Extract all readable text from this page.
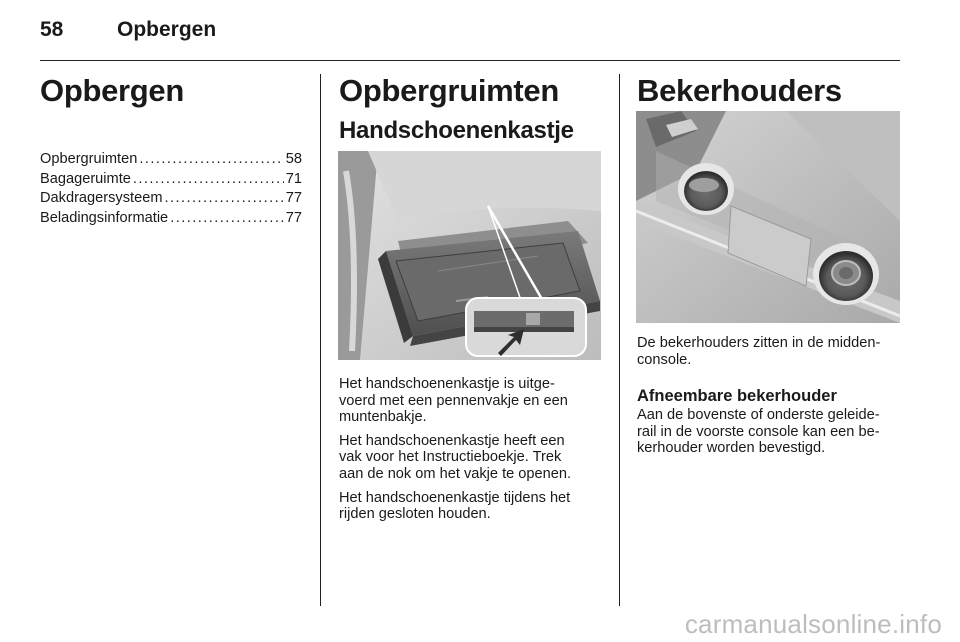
58	Opbergen
Opbergen
Opbergruimten . . .	58
Bagageruimte . . .	71
Dakdragersysteem . . .	77
Beladingsinformatie . . .	77
Opbergruimten
Handschoenenkastje

Het handschoenenkastje is uitge-
voerd met een pennenvakje en een
muntenbakje.

Het handschoenenkastje heeft een
vak voor het Instructieboekje. Trek
aan de nok om het vakje te openen.

Het handschoenenkastje tijdens het
rijden gesloten houden.

Bekerhouders

De bekerhouders zitten in de midden-
console.

Afneembare bekerhouder

Aan de bovenste of onderste geleide-
rail in de voorste console kan een be-
kerhouder worden bevestigd.

carmanualsonline.info
